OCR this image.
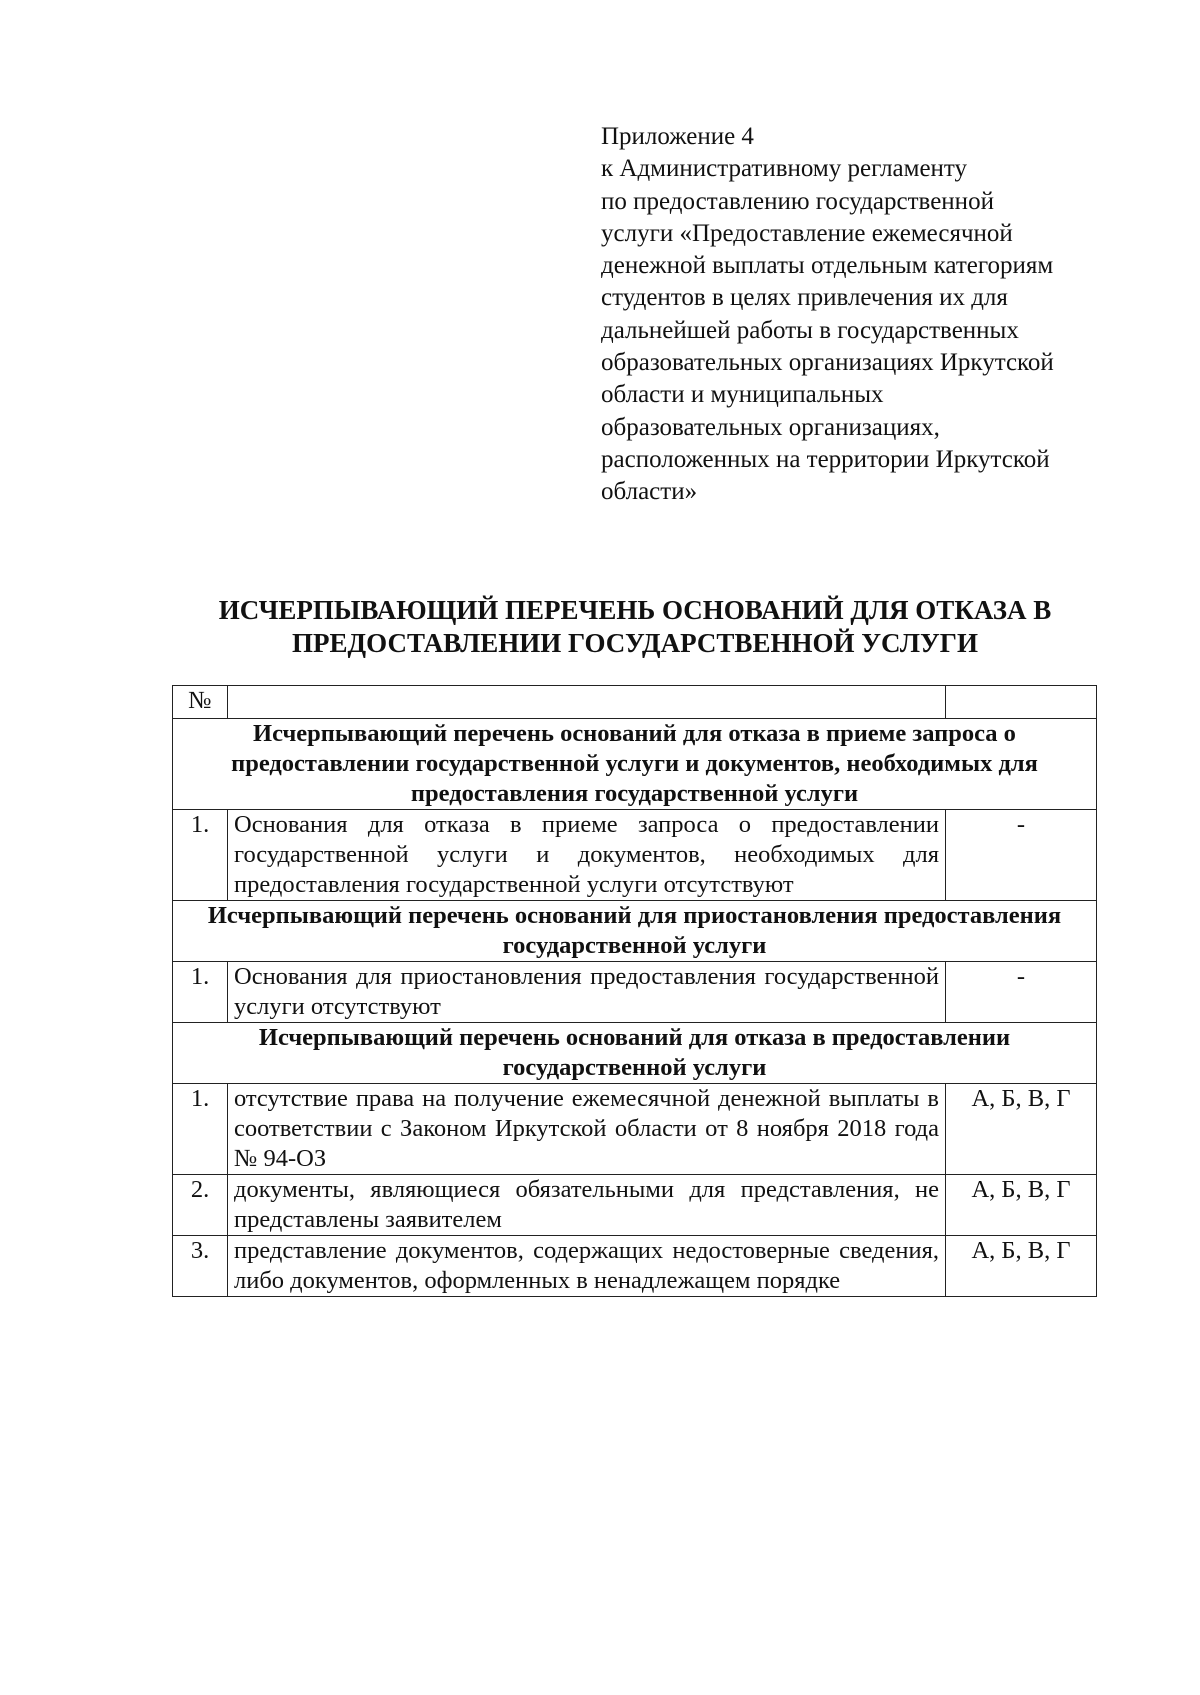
Приложение 4
к Административному регламенту
по предоставлению государственной
услуги «Предоставление ежемесячной
денежной выплаты отдельным категориям
студентов в целях привлечения их для
дальнейшей работы в государственных
образовательных организациях Иркутской
области и муниципальных
образовательных организациях,
расположенных на территории Иркутской
области»
ИСЧЕРПЫВАЮЩИЙ ПЕРЕЧЕНЬ ОСНОВАНИЙ ДЛЯ ОТКАЗА В
ПРЕДОСТАВЛЕНИИ ГОСУДАРСТВЕННОЙ УСЛУГИ
№		
Исчерпывающий перечень оснований для отказа в приеме запроса о предоставлении государственной услуги и документов, необходимых для предоставления государственной услуги		
1.	Основания для отказа в приеме запроса о предоставлении государственной услуги и документов, необходимых для предоставления государственной услуги отсутствуют	-
Исчерпывающий перечень оснований для приостановления предоставления государственной услуги		
1.	Основания для приостановления предоставления государственной услуги отсутствуют	-
Исчерпывающий перечень оснований для отказа в предоставлении государственной услуги		
1.	отсутствие права на получение ежемесячной денежной выплаты в соответствии с Законом Иркутской области от 8 ноября 2018 года № 94-ОЗ	А, Б, В, Г
2.	документы, являющиеся обязательными для представления, не представлены заявителем	А, Б, В, Г
3.	представление документов, содержащих недостоверные сведения, либо документов, оформленных в ненадлежащем порядке	А, Б, В, Г
